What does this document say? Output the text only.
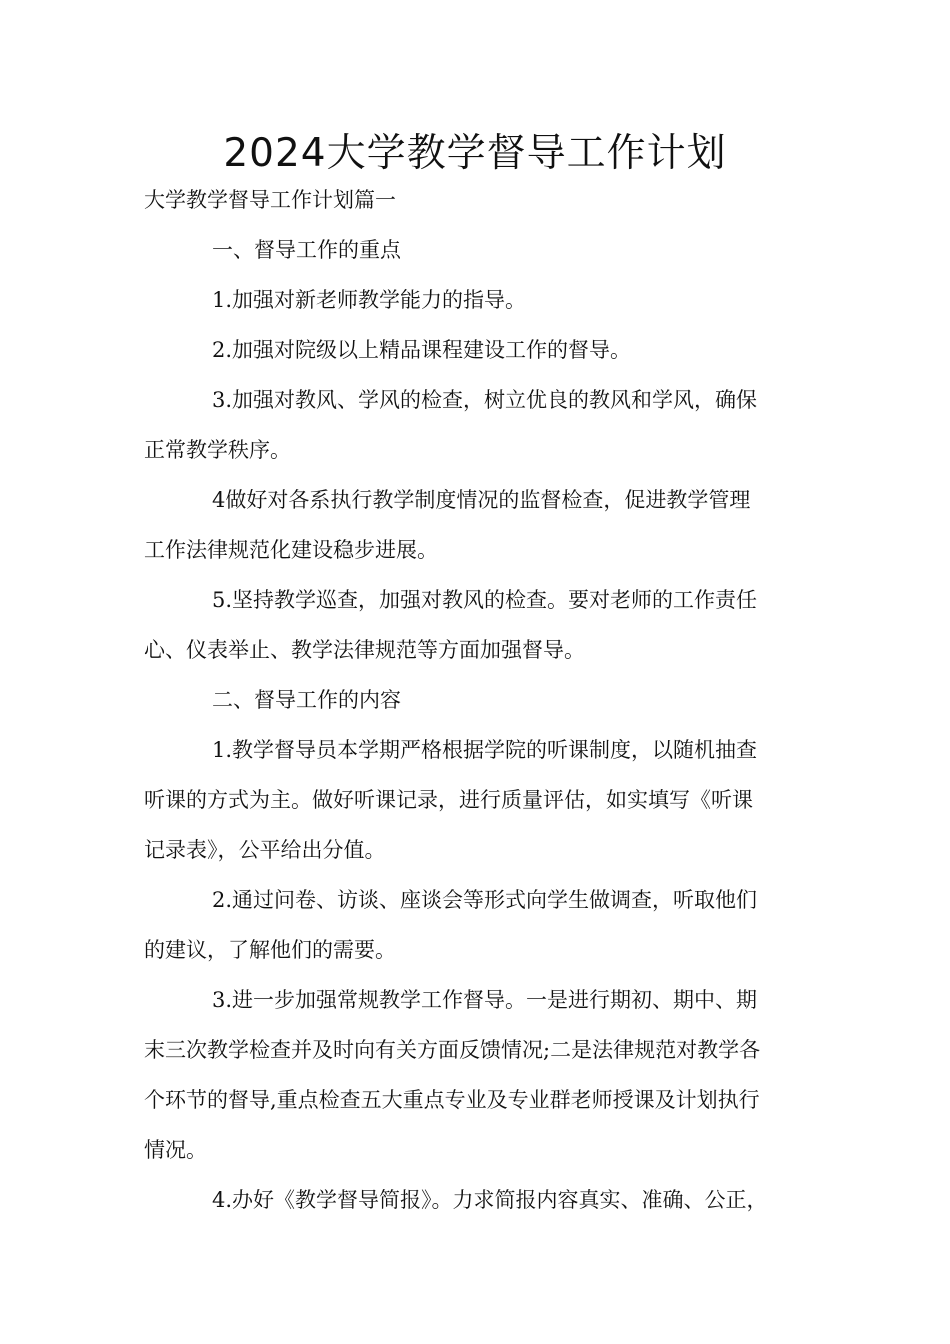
2024大学教学督导工作计划
大学教学督导工作计划篇一
一、督导工作的重点
1.加强对新老师教学能力的指导。
2.加强对院级以上精品课程建设工作的督导。
3.加强对教风、学风的检查，树立优良的教风和学风，确保
正常教学秩序。
4做好对各系执行教学制度情况的监督检查，促进教学管理
工作法律规范化建设稳步进展。
5.坚持教学巡查，加强对教风的检查。要对老师的工作责任
心、仪表举止、教学法律规范等方面加强督导。
二、督导工作的内容
1.教学督导员本学期严格根据学院的听课制度，以随机抽查
听课的方式为主。做好听课记录，进行质量评估，如实填写《听课
记录表》，公平给出分值。
2.通过问卷、访谈、座谈会等形式向学生做调查，听取他们
的建议，了解他们的需要。
3.进一步加强常规教学工作督导。一是进行期初、期中、期
末三次教学检查并及时向有关方面反馈情况;二是法律规范对教学各
个环节的督导,重点检查五大重点专业及专业群老师授课及计划执行
情况。
4.办好《教学督导简报》。力求简报内容真实、准确、公正，
